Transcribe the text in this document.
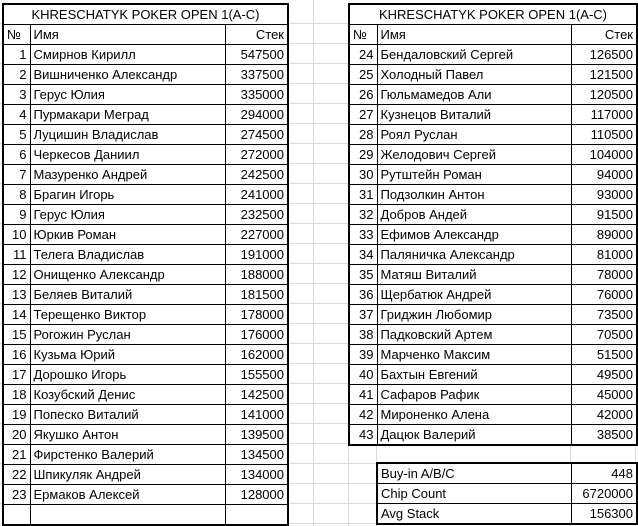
KHRESCHATYK POKER OPEN 1(A-C)		
№	Имя	Стек
1	Смирнов Кирилл	547500
2	Вишниченко Александр	337500
3	Герус Юлия	335000
4	Пурмакари Меград	294000
5	Луцишин Владислав	274500
6	Черкесов Даниил	272000
7	Мазуренко Андрей	242500
8	Брагин Игорь	241000
9	Герус Юлия	232500
10	Юркив Роман	227000
11	Телега Владислав	191000
12	Онищенко Александр	188000
13	Беляев Виталий	181500
14	Терещенко Виктор	178000
15	Рогожин Руслан	176000
16	Кузьма Юрий	162000
17	Дорошко Игорь	155500
18	Козубский Денис	142500
19	Попеско Виталий	141000
20	Якушко Антон	139500
21	Фирстенко Валерий	134500
22	Шпикуляк Андрей	134000
23	Ермаков Алексей	128000

KHRESCHATYK POKER OPEN 1(A-C)		
№	Имя	Стек
24	Бендаловский Сергей	126500
25	Холодный Павел	121500
26	Гюльмамедов Али	120500
27	Кузнецов Виталий	117000
28	Роял Руслан	110500
29	Желодович Сергей	104000
30	Рутштейн Роман	94000
31	Подзолкин Антон	93000
32	Добров Андей	91500
33	Ефимов Александр	89000
34	Паляничка Александр	81000
35	Матяш Виталий	78000
36	Щербатюк Андрей	76000
37	Гриджин Любомир	73500
38	Падковский Артем	70500
39	Марченко Максим	51500
40	Бахтын Евгений	49500
41	Сафаров Рафик	45000
42	Мироненко Алена	42000
43	Дацюк Валерий	38500
Buy-in A/B/C	448
Chip Count	6720000
Avg Stack	156300
